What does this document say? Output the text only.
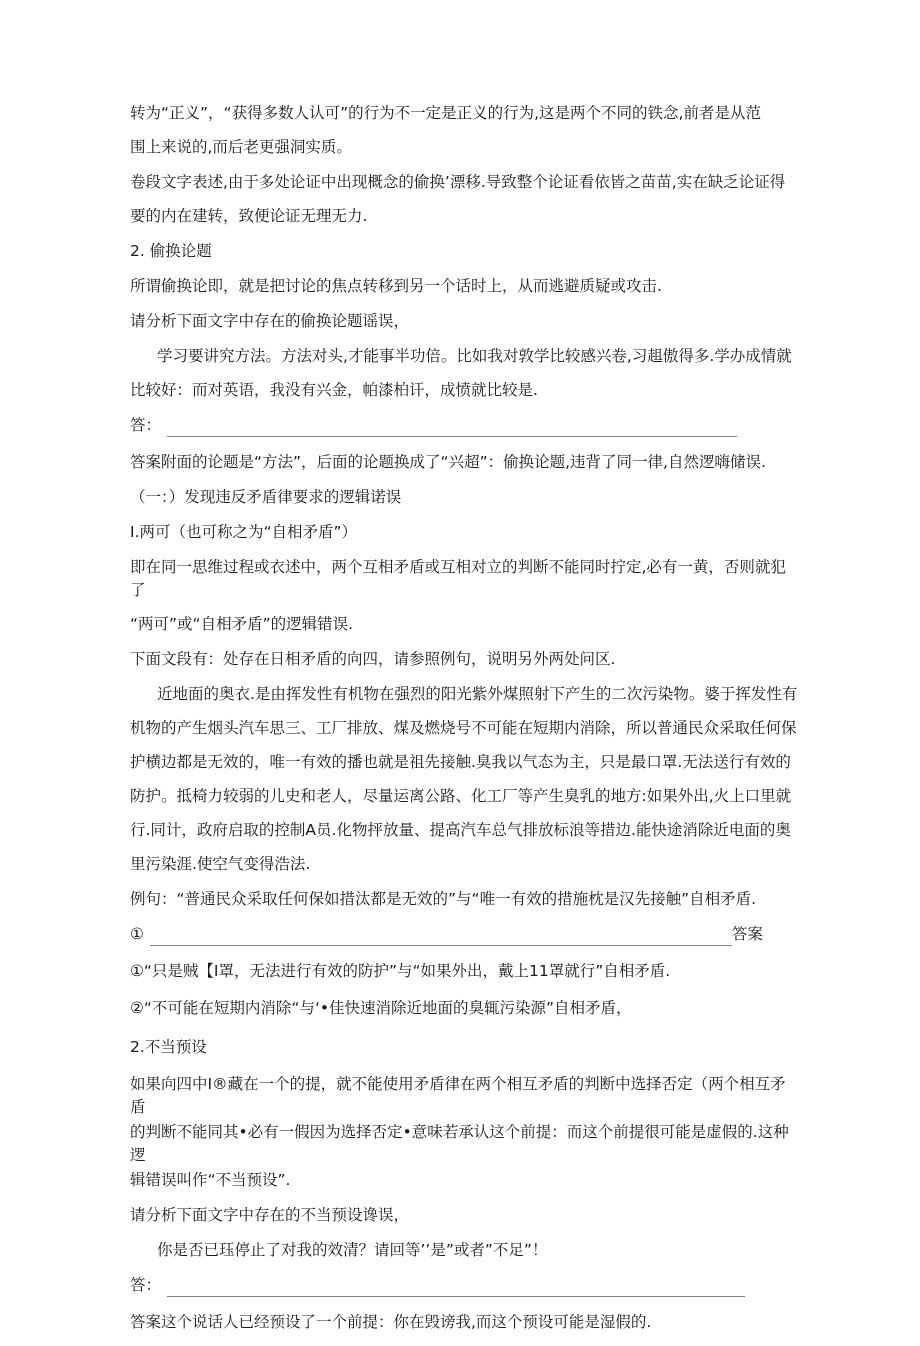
转为“正义”，“获得多数人认可”的行为不一定是正义的行为,这是两个不同的铁念,前者是从范

围上来说的,而后老更强洞实质。

卷段文字表述,由于多处论证中出现概念的偷换’漂移.导致整个论证看依皆之苗苗,实在缺乏论证得

要的内在建转，致便论证无理无力.

2. 偷换论题

所谓偷换论即，就是把讨论的焦点转移到另一个话时上，从而逃避质疑或攻击.

请分析下面文字中存在的偷换论题谣误，

学习要讲究方法。方法对头,才能事半功倍。比如我对敦学比较感兴卷,习趄傲得多.学办成情就

比较好：而对英语，我没有兴金，帕漆柏讦，成愤就比较是.

答：

答案附面的论题是“方法”，后面的论题换成了“兴超”：偷换论题,违背了同一律,自然逻嗨储误.

（一：）发现违反矛盾律要求的逻辑诺误

I.两可（也可称之为“自相矛盾”）

即在同一思维过程或衣述中，两个互相矛盾或互相对立的判断不能同时拧定,必有一黄，否则就犯了

“两可”或“自相矛盾”的逻辑错误.

下面文段有：处存在日相矛盾的向四，请参照例句，说明另外两处问区.

近地面的奥衣.是由挥发性有机物在强烈的阳光紫外煤照射下产生的二次污染物。婆于挥发性有

机物的产生烟头汽车思三、工厂排放、煤及燃烧号不可能在短期内消除，所以普通民众采取任何保

护横边都是无效的，唯一有效的播也就是祖先接触.臭我以气态为主，只是最口罩.无法送行有效的

防护。抵椅力较弱的儿史和老人，尽量运离公路、化工厂等产生臭乳的地方:如果外出,火上口里就

行.同计，政府启取的控制A员.化物抨放量、提高汽车总气排放标浪等措边.能快途消除近电面的奥

里污染涯.使空气变得浩法.

例句：“普通民众采取任何保如措汰都是无效的”与“唯一有效的措施枕是汉先接触”自相矛盾.

①	答案

①“只是贼【I罩，无法进行有效的防护”与“如果外出，戴上11罩就行”自相矛盾.

②“不可能在短期内消除“与‘•佳快速消除近地面的臭辄污染源”自相矛盾，

2.不当预设

如果向四中I®藏在一个的提，就不能使用矛盾律在两个相互矛盾的判断中选择否定（两个相互矛盾

的判断不能同其•必有一假因为选择否定•意味若承认这个前提：而这个前提很可能是虚假的.这种逻

辑错误叫作“不当预设”.

请分析下面文字中存在的不当预设谗误，

你是否已珏停止了对我的效清？请回等’’是”或者”不足”！

答：

答案这个说话人已经预设了一个前提：你在毁谤我,而这个预设可能是湿假的.
